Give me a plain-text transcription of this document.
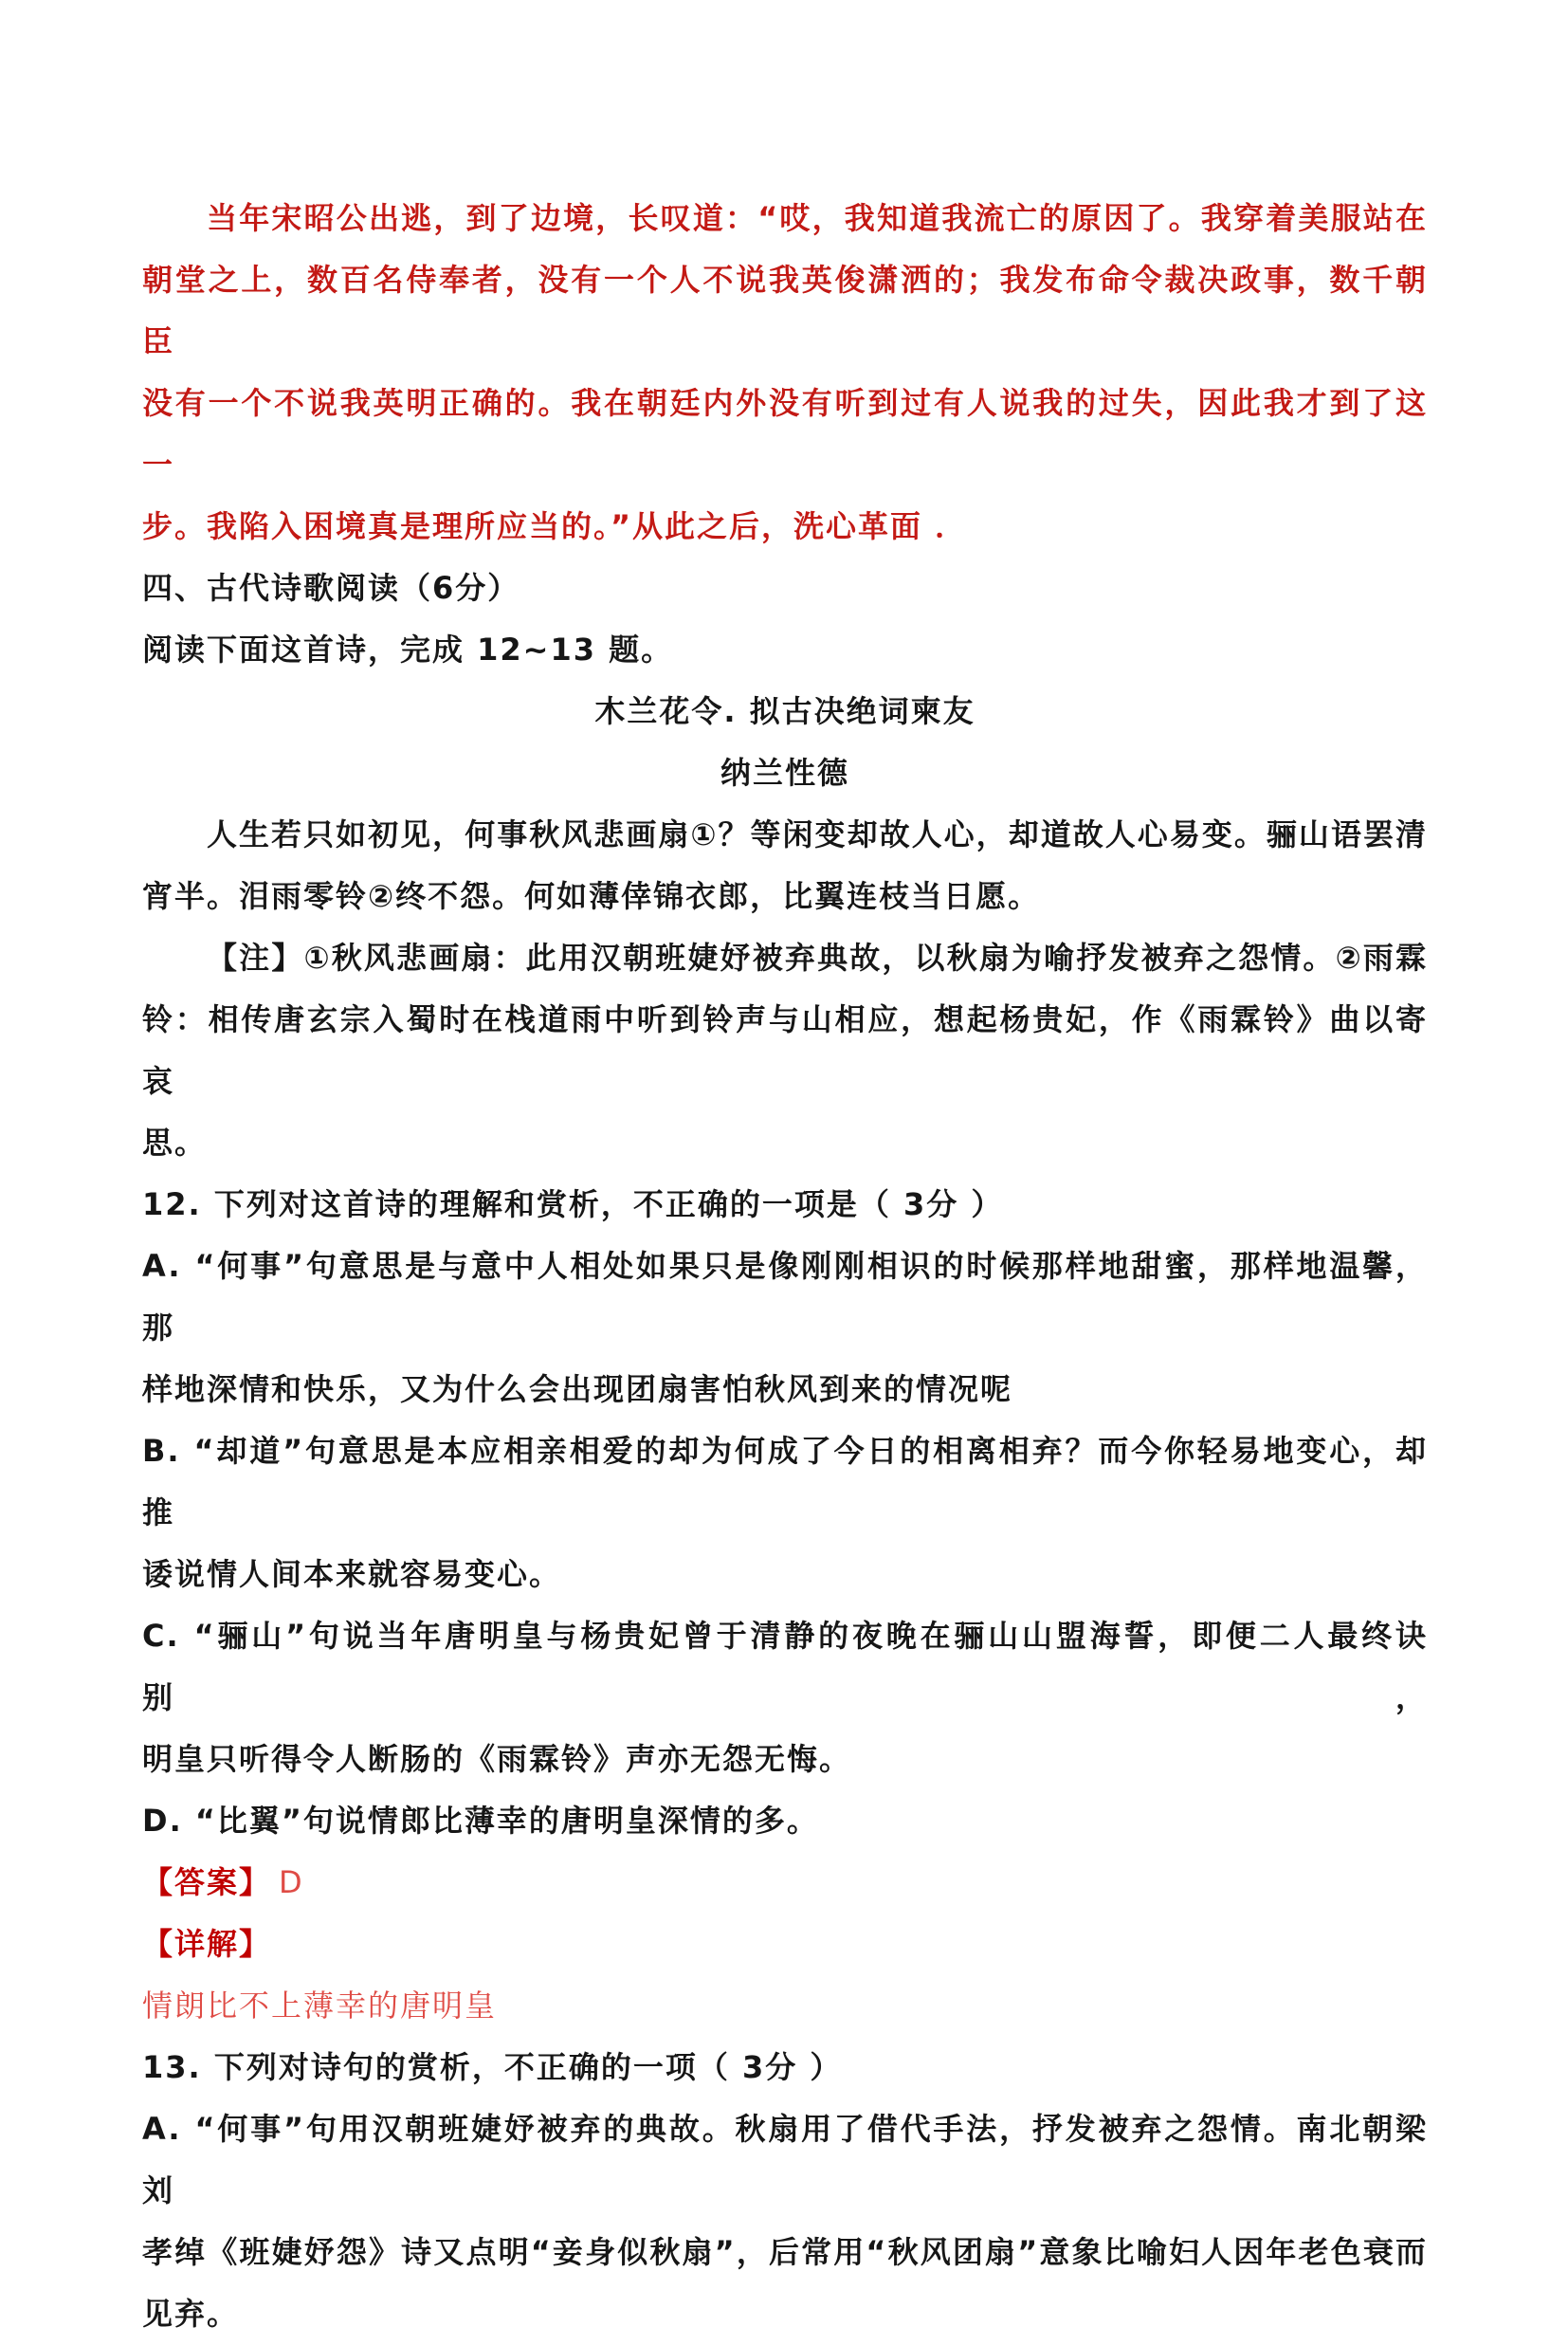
当年宋昭公出逃，到了边境，长叹道：“哎，我知道我流亡的原因了。我穿着美服站在
朝堂之上，数百名侍奉者，没有一个人不说我英俊潇洒的；我发布命令裁决政事，数千朝臣
没有一个不说我英明正确的。我在朝廷内外没有听到过有人说我的过失，因此我才到了这一
步。我陷入困境真是理所应当的。”从此之后，洗心革面 ．
四、古代诗歌阅读（6分）
阅读下面这首诗，完成 12~13 题。
木兰花令. 拟古决绝词柬友
纳兰性德
人生若只如初见，何事秋风悲画扇①？等闲变却故人心，却道故人心易变。骊山语罢清
宵半。泪雨零铃②终不怨。何如薄倖锦衣郎，比翼连枝当日愿。
【注】①秋风悲画扇：此用汉朝班婕妤被弃典故，以秋扇为喻抒发被弃之怨情。②雨霖
铃：相传唐玄宗入蜀时在栈道雨中听到铃声与山相应，想起杨贵妃，作《雨霖铃》曲以寄哀
思。
12. 下列对这首诗的理解和赏析，不正确的一项是（ 3分 ）
A. “何事”句意思是与意中人相处如果只是像刚刚相识的时候那样地甜蜜，那样地温馨，那
样地深情和快乐，又为什么会出现团扇害怕秋风到来的情况呢
B. “却道”句意思是本应相亲相爱的却为何成了今日的相离相弃？而今你轻易地变心，却推
诿说情人间本来就容易变心。
C. “骊山”句说当年唐明皇与杨贵妃曾于清静的夜晚在骊山山盟海誓，即便二人最终诀别，
明皇只听得令人断肠的《雨霖铃》声亦无怨无悔。
D. “比翼”句说情郎比薄幸的唐明皇深情的多。
【答案】 D
【详解】
情朗比不上薄幸的唐明皇
13. 下列对诗句的赏析，不正确的一项（ 3分 ）
A. “何事”句用汉朝班婕妤被弃的典故。秋扇用了借代手法，抒发被弃之怨情。南北朝梁刘
孝绰《班婕妤怨》诗又点明“妾身似秋扇”，后常用“秋风团扇”意象比喻妇人因年老色衰而
见弃。
